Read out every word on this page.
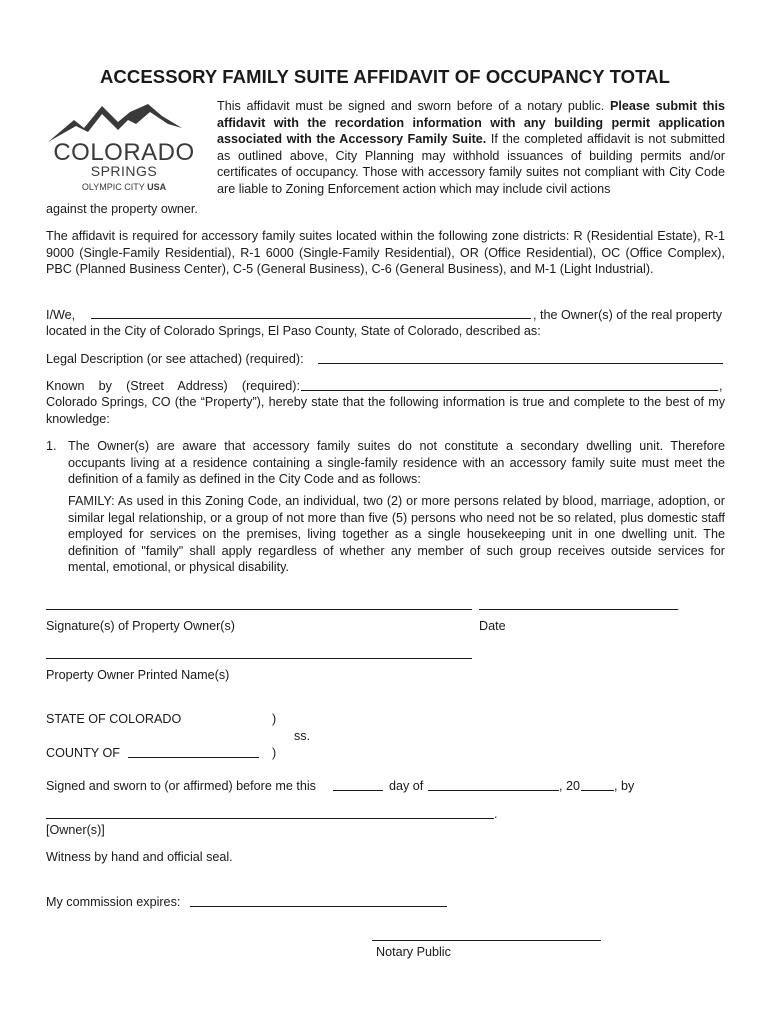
ACCESSORY FAMILY SUITE AFFIDAVIT OF OCCUPANCY TOTAL
COLORADO
SPRINGS
OLYMPIC CITY USA
This affidavit must be signed and sworn before of a notary public. Please submit this affidavit with the recordation information with any building permit application associated with the Accessory Family Suite. If the completed affidavit is not submitted as outlined above, City Planning may withhold issuances of building permits and/or certificates of occupancy. Those with accessory family suites not compliant with City Code are liable to Zoning Enforcement action which may include civil actions
against the property owner.
The affidavit is required for accessory family suites located within the following zone districts: R (Residential Estate), R-1 9000 (Single-Family Residential), R-1 6000 (Single-Family Residential), OR (Office Residential), OC (Office Complex), PBC (Planned Business Center), C-5 (General Business), C-6 (General Business), and M-1 (Light Industrial).
I/We,	, the Owner(s) of the real property
located in the City of Colorado Springs, El Paso County, State of Colorado, described as:
Legal Description (or see attached) (required):
Known by (Street Address) (required):	,
Colorado Springs, CO (the “Property”), hereby state that the following information is true and complete to the best of my knowledge:
1. The Owner(s) are aware that accessory family suites do not constitute a secondary dwelling unit. Therefore occupants living at a residence containing a single-family residence with an accessory family suite must meet the definition of a family as defined in the City Code and as follows:
FAMILY: As used in this Zoning Code, an individual, two (2) or more persons related by blood, marriage, adoption, or similar legal relationship, or a group of not more than five (5) persons who need not be so related, plus domestic staff employed for services on the premises, living together as a single housekeeping unit in one dwelling unit. The definition of "family" shall apply regardless of whether any member of such group receives outside services for mental, emotional, or physical disability.
Signature(s) of Property Owner(s)	Date
Property Owner Printed Name(s)
STATE OF COLORADO	)
ss.
COUNTY OF	)
Signed and sworn to (or affirmed) before me this	day of	, 20	, by
.
[Owner(s)]
Witness by hand and official seal.
My commission expires:
Notary Public
